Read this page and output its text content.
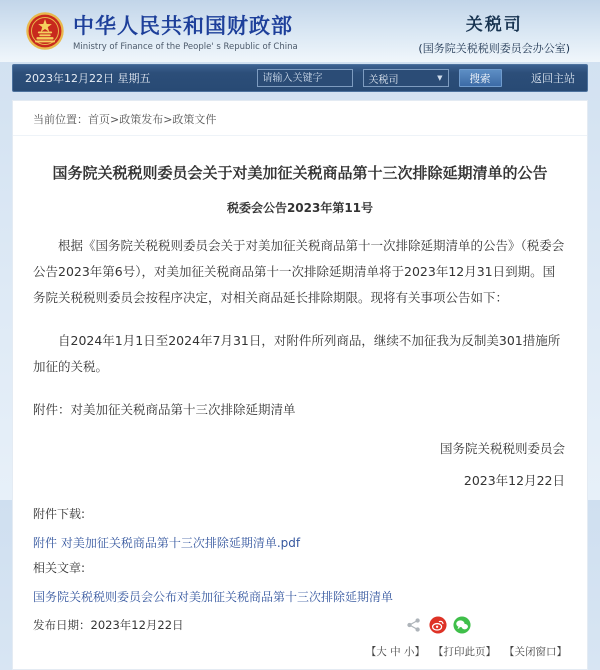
中华人民共和国财政部
Ministry of Finance of the People' s Republic of China
关税司
(国务院关税税则委员会办公室)
2023年12月22日 星期五
请输入关键字	关税司	▼	搜索	返回主站
当前位置：首页>政策发布>政策文件
国务院关税税则委员会关于对美加征关税商品第十三次排除延期清单的公告
税委会公告2023年第11号

根据《国务院关税税则委员会关于对美加征关税商品第十一次排除延期清单的公告》（税委会公告2023年第6号），对美加征关税商品第十一次排除延期清单将于2023年12月31日到期。国务院关税税则委员会按程序决定，对相关商品延长排除期限。现将有关事项公告如下：

自2024年1月1日至2024年7月31日，对附件所列商品，继续不加征我为反制美301措施所加征的关税。

附件：对美加征关税商品第十三次排除延期清单

国务院关税税则委员会
2023年12月22日
附件下载:
附件 对美加征关税商品第十三次排除延期清单.pdf
相关文章:
国务院关税税则委员会公布对美加征关税商品第十三次排除延期清单
发布日期： 2023年12月22日
【大 中 小】 【打印此页】 【关闭窗口】
